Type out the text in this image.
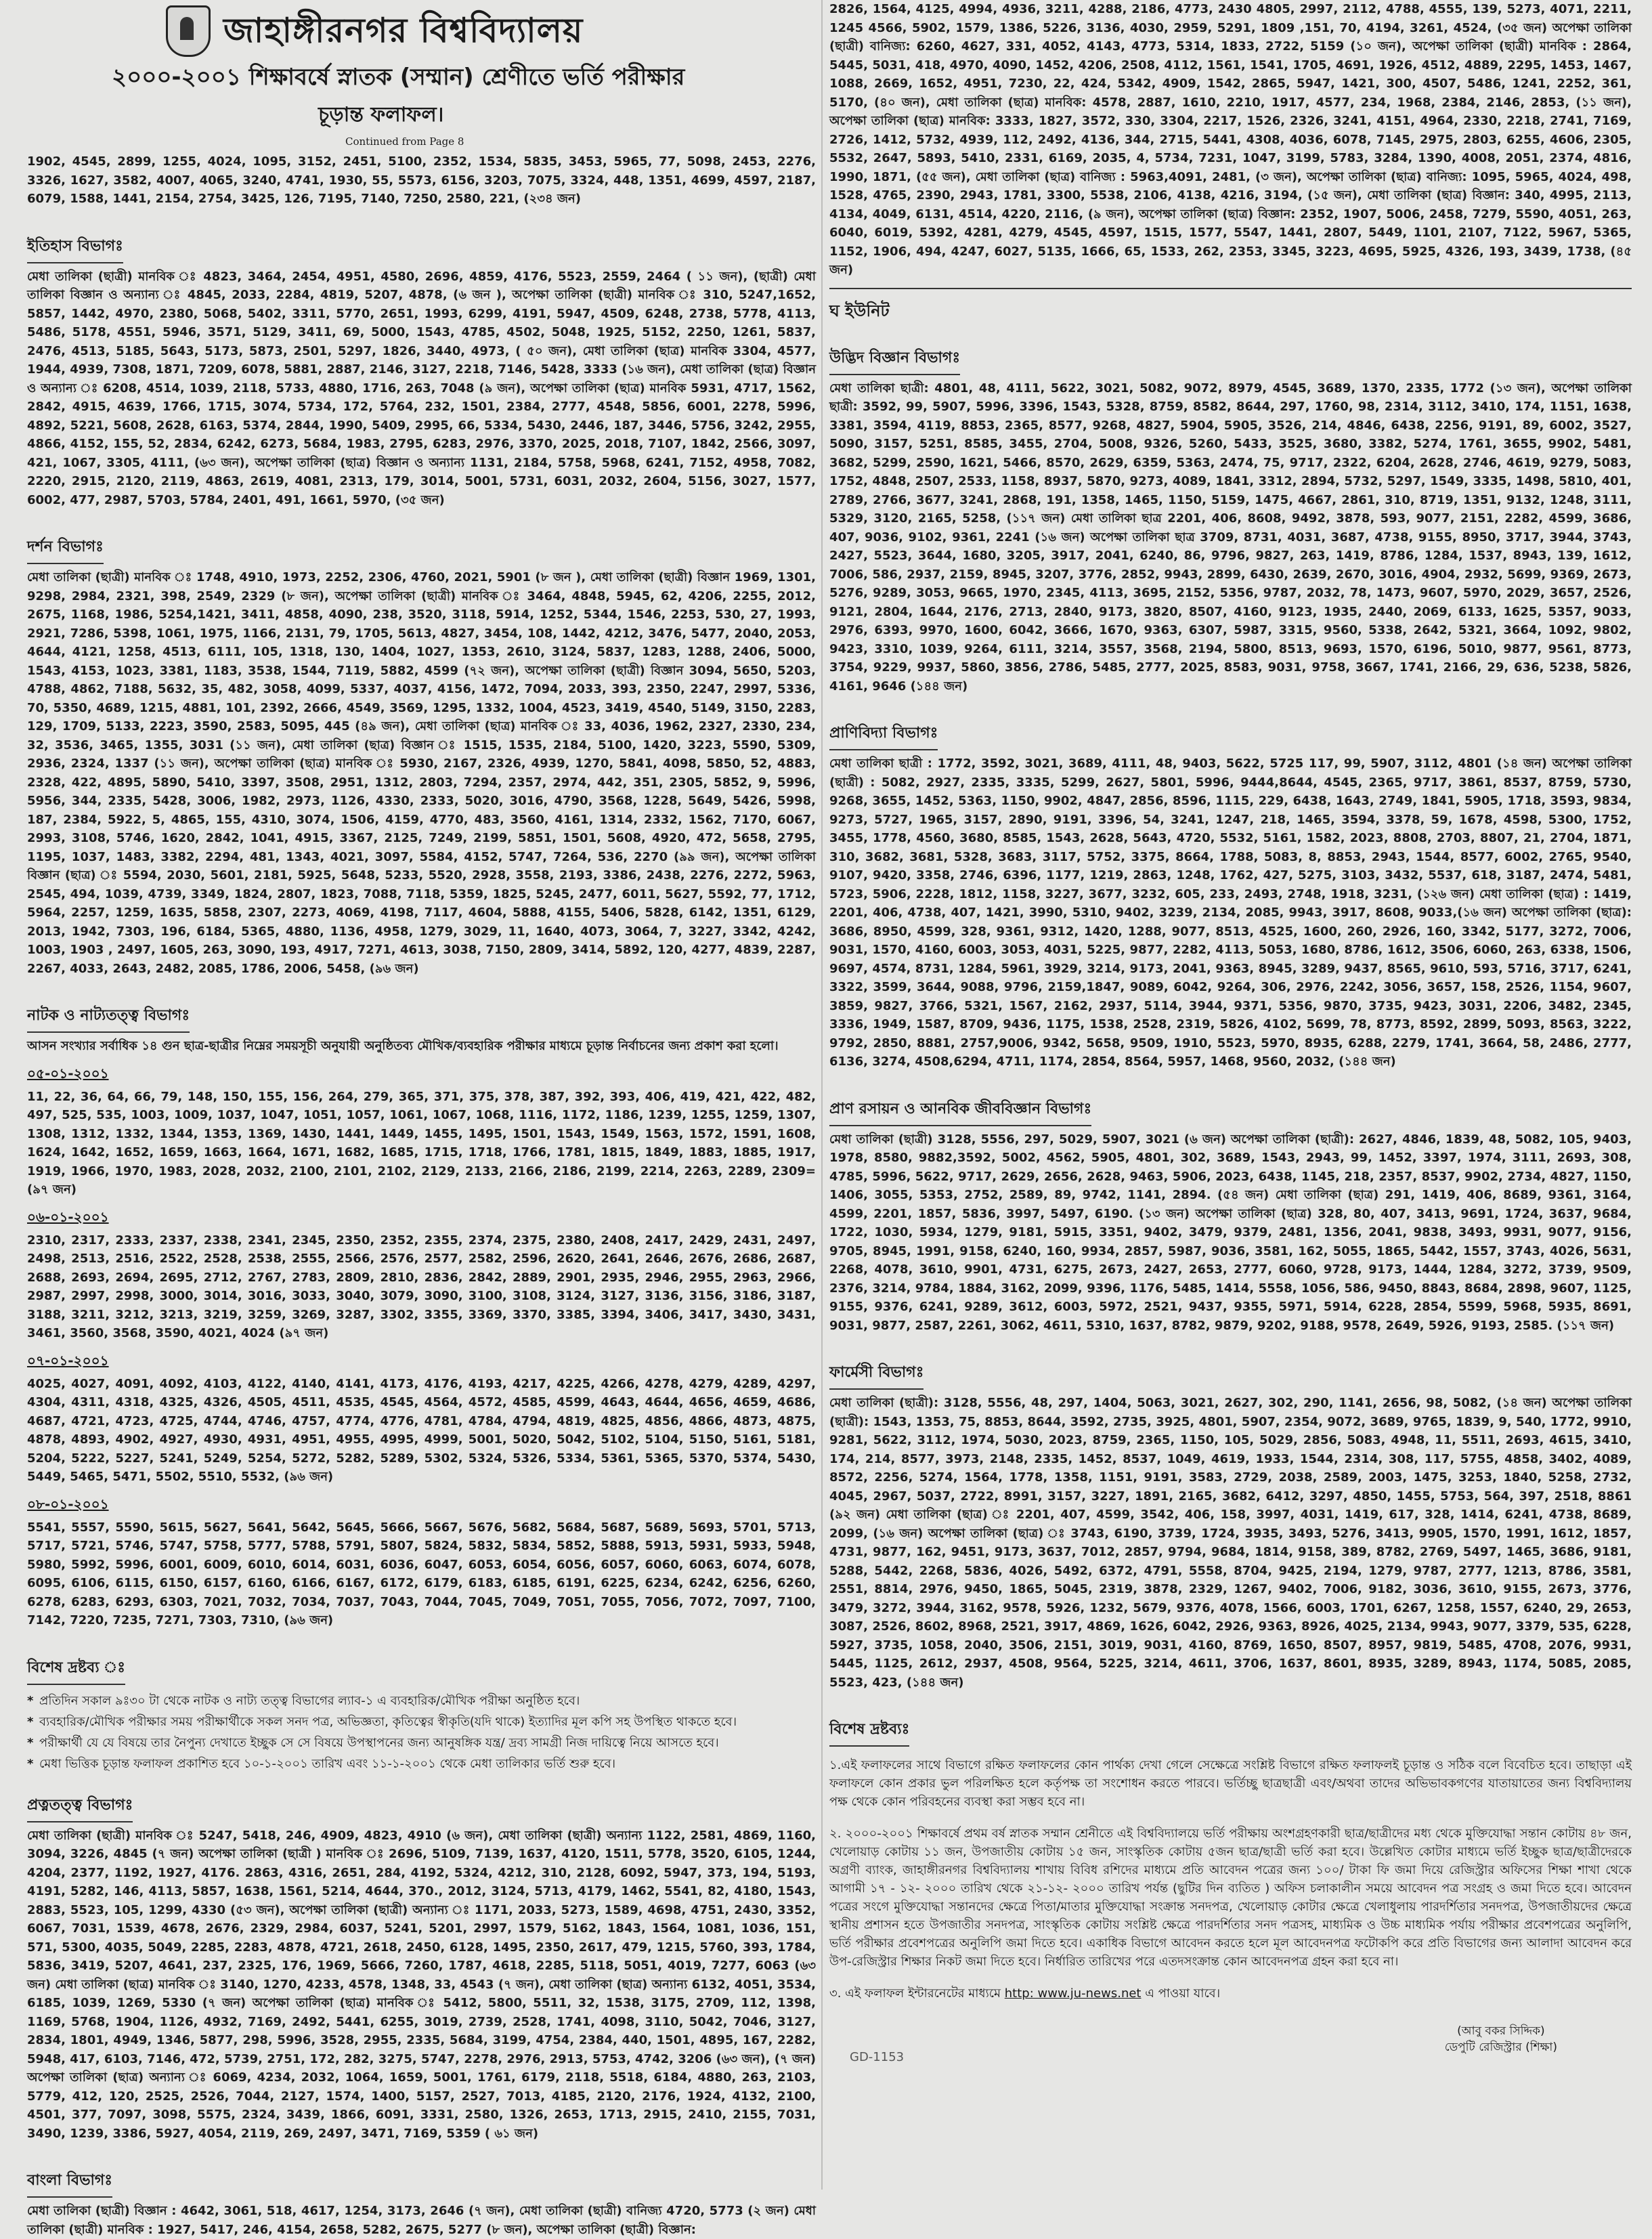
জাহাঙ্গীরনগর বিশ্ববিদ্যালয়
২০০০-২০০১ শিক্ষাবর্ষে স্নাতক (সম্মান) শ্রেণীতে ভর্তি পরীক্ষার
চূড়ান্ত ফলাফল।
Continued from Page 8

1902, 4545, 2899, 1255, 4024, 1095, 3152, 2451, 5100, 2352, 1534, 5835, 3453, 5965, 77, 5098, 2453, 2276, 3326, 1627, 3582, 4007, 4065, 3240, 4741, 1930, 55, 5573, 6156, 3203, 7075, 3324, 448, 1351, 4699, 4597, 2187, 6079, 1588, 1441, 2154, 2754, 3425, 126, 7195, 7140, 7250, 2580, 221, (২৩৪ জন)

ইতিহাস বিভাগঃ

মেধা তালিকা (ছাত্রী) মানবিক ঃ 4823, 3464, 2454, 4951, 4580, 2696, 4859, 4176, 5523, 2559, 2464 ( ১১ জন), (ছাত্রী) মেধা তালিকা বিজ্ঞান ও অন্যান্য ঃ 4845, 2033, 2284, 4819, 5207, 4878, (৬ জন ), অপেক্ষা তালিকা (ছাত্রী) মানবিক ঃ 310, 5247,1652, 5857, 1442, 4970, 2380, 5068, 5402, 3311, 5770, 2651, 1993, 6299, 4191, 5947, 4509, 6248, 2738, 5778, 4113, 5486, 5178, 4551, 5946, 3571, 5129, 3411, 69, 5000, 1543, 4785, 4502, 5048, 1925, 5152, 2250, 1261, 5837, 2476, 4513, 5185, 5643, 5173, 5873, 2501, 5297, 1826, 3440, 4973, ( ৫০ জন), মেধা তালিকা (ছাত্র) মানবিক 3304, 4577, 1944, 4939, 7308, 1871, 7209, 6078, 5881, 2887, 2146, 3127, 2218, 7146, 5428, 3333 (১৬ জন), মেধা তালিকা (ছাত্র) বিজ্ঞান ও অন্যান্য ঃ 6208, 4514, 1039, 2118, 5733, 4880, 1716, 263, 7048 (৯ জন), অপেক্ষা তালিকা (ছাত্র) মানবিক 5931, 4717, 1562, 2842, 4915, 4639, 1766, 1715, 3074, 5734, 172, 5764, 232, 1501, 2384, 2777, 4548, 5856, 6001, 2278, 5996, 4892, 5221, 5608, 2628, 6163, 5374, 2844, 1990, 5409, 2995, 66, 5334, 5430, 2446, 187, 3446, 5756, 3242, 2955, 4866, 4152, 155, 52, 2834, 6242, 6273, 5684, 1983, 2795, 6283, 2976, 3370, 2025, 2018, 7107, 1842, 2566, 3097, 421, 1067, 3305, 4111, (৬৩ জন), অপেক্ষা তালিকা (ছাত্র) বিজ্ঞান ও অন্যান্য 1131, 2184, 5758, 5968, 6241, 7152, 4958, 7082, 2220, 2915, 2120, 2119, 4863, 2619, 4081, 2313, 179, 3014, 5001, 5731, 6031, 2032, 2604, 5156, 3027, 1577, 6002, 477, 2987, 5703, 5784, 2401, 491, 1661, 5970, (৩৫ জন)

দর্শন বিভাগঃ

মেধা তালিকা (ছাত্রী) মানবিক ঃ 1748, 4910, 1973, 2252, 2306, 4760, 2021, 5901 (৮ জন ), মেধা তালিকা (ছাত্রী) বিজ্ঞান 1969, 1301, 9298, 2984, 2321, 398, 2549, 2329 (৮ জন), অপেক্ষা তালিকা (ছাত্রী) মানবিক ঃ 3464, 4848, 5945, 62, 4206, 2255, 2012, 2675, 1168, 1986, 5254,1421, 3411, 4858, 4090, 238, 3520, 3118, 5914, 1252, 5344, 1546, 2253, 530, 27, 1993, 2921, 7286, 5398, 1061, 1975, 1166, 2131, 79, 1705, 5613, 4827, 3454, 108, 1442, 4212, 3476, 5477, 2040, 2053, 4644, 4121, 1258, 4513, 6111, 105, 1318, 130, 1404, 1027, 1353, 2610, 3124, 5837, 1283, 1288, 2406, 5000, 1543, 4153, 1023, 3381, 1183, 3538, 1544, 7119, 5882, 4599 (৭২ জন), অপেক্ষা তালিকা (ছাত্রী) বিজ্ঞান 3094, 5650, 5203, 4788, 4862, 7188, 5632, 35, 482, 3058, 4099, 5337, 4037, 4156, 1472, 7094, 2033, 393, 2350, 2247, 2997, 5336, 70, 5350, 4689, 1215, 4881, 101, 2392, 2666, 4549, 3569, 1295, 1332, 1004, 4523, 3419, 4540, 5149, 3150, 2283, 129, 1709, 5133, 2223, 3590, 2583, 5095, 445 (৪৯ জন), মেধা তালিকা (ছাত্র) মানবিক ঃ 33, 4036, 1962, 2327, 2330, 234, 32, 3536, 3465, 1355, 3031 (১১ জন), মেধা তালিকা (ছাত্র) বিজ্ঞান ঃ 1515, 1535, 2184, 5100, 1420, 3223, 5590, 5309, 2936, 2324, 1337 (১১ জন), অপেক্ষা তালিকা (ছাত্র) মানবিক ঃ 5930, 2167, 2326, 4939, 1270, 5841, 4098, 5850, 52, 4883, 2328, 422, 4895, 5890, 5410, 3397, 3508, 2951, 1312, 2803, 7294, 2357, 2974, 442, 351, 2305, 5852, 9, 5996, 5956, 344, 2335, 5428, 3006, 1982, 2973, 1126, 4330, 2333, 5020, 3016, 4790, 3568, 1228, 5649, 5426, 5998, 187, 2384, 5922, 5, 4865, 155, 4310, 3074, 1506, 4159, 4770, 483, 3560, 4161, 1314, 2332, 1562, 7170, 6067, 2993, 3108, 5746, 1620, 2842, 1041, 4915, 3367, 2125, 7249, 2199, 5851, 1501, 5608, 4920, 472, 5658, 2795, 1195, 1037, 1483, 3382, 2294, 481, 1343, 4021, 3097, 5584, 4152, 5747, 7264, 536, 2270 (৯৯ জন), অপেক্ষা তালিকা বিজ্ঞান (ছাত্র) ঃ 5594, 2030, 5601, 2181, 5925, 5648, 5233, 5520, 2928, 3558, 2193, 3386, 2438, 2276, 2272, 5963, 2545, 494, 1039, 4739, 3349, 1824, 2807, 1823, 7088, 7118, 5359, 1825, 5245, 2477, 6011, 5627, 5592, 77, 1712, 5964, 2257, 1259, 1635, 5858, 2307, 2273, 4069, 4198, 7117, 4604, 5888, 4155, 5406, 5828, 6142, 1351, 6129, 2013, 1942, 7303, 196, 6184, 5365, 4880, 1136, 4958, 1279, 3029, 11, 1640, 4073, 3064, 7, 3227, 3342, 4242, 1003, 1903 , 2497, 1605, 263, 3090, 193, 4917, 7271, 4613, 3038, 7150, 2809, 3414, 5892, 120, 4277, 4839, 2287, 2267, 4033, 2643, 2482, 2085, 1786, 2006, 5458, (৯৬ জন)

নাটক ও নাট্যতত্ত্ব বিভাগঃ

আসন সংখ্যার সর্বাধিক ১৪ গুন ছাত্র-ছাত্রীর নিম্নের সময়সূচী অনুযায়ী অনুষ্ঠিতব্য মৌখিক/ব্যবহারিক পরীক্ষার মাধ্যমে চূড়ান্ত নির্বাচনের জন্য প্রকাশ করা হলো।

০৫-০১-২০০১

11, 22, 36, 64, 66, 79, 148, 150, 155, 156, 264, 279, 365, 371, 375, 378, 387, 392, 393, 406, 419, 421, 422, 482, 497, 525, 535, 1003, 1009, 1037, 1047, 1051, 1057, 1061, 1067, 1068, 1116, 1172, 1186, 1239, 1255, 1259, 1307, 1308, 1312, 1332, 1344, 1353, 1369, 1430, 1441, 1449, 1455, 1495, 1501, 1543, 1549, 1563, 1572, 1591, 1608, 1624, 1642, 1652, 1659, 1663, 1664, 1671, 1682, 1685, 1715, 1718, 1766, 1781, 1815, 1849, 1883, 1885, 1917, 1919, 1966, 1970, 1983, 2028, 2032, 2100, 2101, 2102, 2129, 2133, 2166, 2186, 2199, 2214, 2263, 2289, 2309= (৯৭ জন)

০৬-০১-২০০১

2310, 2317, 2333, 2337, 2338, 2341, 2345, 2350, 2352, 2355, 2374, 2375, 2380, 2408, 2417, 2429, 2431, 2497, 2498, 2513, 2516, 2522, 2528, 2538, 2555, 2566, 2576, 2577, 2582, 2596, 2620, 2641, 2646, 2676, 2686, 2687, 2688, 2693, 2694, 2695, 2712, 2767, 2783, 2809, 2810, 2836, 2842, 2889, 2901, 2935, 2946, 2955, 2963, 2966, 2987, 2997, 2998, 3000, 3014, 3016, 3033, 3040, 3079, 3090, 3100, 3108, 3124, 3127, 3136, 3156, 3186, 3187, 3188, 3211, 3212, 3213, 3219, 3259, 3269, 3287, 3302, 3355, 3369, 3370, 3385, 3394, 3406, 3417, 3430, 3431, 3461, 3560, 3568, 3590, 4021, 4024 (৯৭ জন)

০৭-০১-২০০১

4025, 4027, 4091, 4092, 4103, 4122, 4140, 4141, 4173, 4176, 4193, 4217, 4225, 4266, 4278, 4279, 4289, 4297, 4304, 4311, 4318, 4325, 4326, 4505, 4511, 4535, 4545, 4564, 4572, 4585, 4599, 4643, 4644, 4656, 4659, 4686, 4687, 4721, 4723, 4725, 4744, 4746, 4757, 4774, 4776, 4781, 4784, 4794, 4819, 4825, 4856, 4866, 4873, 4875, 4878, 4893, 4902, 4927, 4930, 4931, 4951, 4955, 4995, 4999, 5001, 5020, 5042, 5102, 5104, 5150, 5161, 5181, 5204, 5222, 5227, 5241, 5249, 5254, 5272, 5282, 5289, 5302, 5324, 5326, 5334, 5361, 5365, 5370, 5374, 5430, 5449, 5465, 5471, 5502, 5510, 5532, (৯৬ জন)

০৮-০১-২০০১

5541, 5557, 5590, 5615, 5627, 5641, 5642, 5645, 5666, 5667, 5676, 5682, 5684, 5687, 5689, 5693, 5701, 5713, 5717, 5721, 5746, 5747, 5758, 5777, 5788, 5791, 5807, 5824, 5832, 5834, 5852, 5888, 5913, 5931, 5933, 5948, 5980, 5992, 5996, 6001, 6009, 6010, 6014, 6031, 6036, 6047, 6053, 6054, 6056, 6057, 6060, 6063, 6074, 6078, 6095, 6106, 6115, 6150, 6157, 6160, 6166, 6167, 6172, 6179, 6183, 6185, 6191, 6225, 6234, 6242, 6256, 6260, 6278, 6283, 6293, 6303, 7021, 7032, 7034, 7037, 7043, 7044, 7045, 7049, 7051, 7055, 7056, 7072, 7097, 7100, 7142, 7220, 7235, 7271, 7303, 7310, (৯৬ জন)

বিশেষ দ্রষ্টব্য ঃ
* প্রতিদিন সকাল ৯ঃ৩০ টা থেকে নাটক ও নাট্য তত্ত্ব বিভাগের ল্যাব-১ এ ব্যবহারিক/মৌখিক পরীক্ষা অনুষ্ঠিত হবে।
* ব্যবহারিক/মৌখিক পরীক্ষার সময় পরীক্ষার্থীকে সকল সনদ পত্র, অভিজ্ঞতা, কৃতিত্বের স্বীকৃতি(যদি থাকে) ইত্যাদির মূল কপি সহ উপস্থিত থাকতে হবে।
* পরীক্ষার্থী যে যে বিষয়ে তার নৈপুন্য দেখাতে ইচ্ছুক সে সে বিষয়ে উপস্থাপনের জন্য আনুষঙ্গিক যন্ত্র/ দ্রব্য সামগ্রী নিজ দায়িত্বে নিয়ে আসতে হবে।
* মেধা ভিত্তিক চূড়ান্ত ফলাফল প্রকাশিত হবে ১০-১-২০০১ তারিখ এবং ১১-১-২০০১ থেকে মেধা তালিকার ভর্তি শুরু হবে।
প্রত্নতত্ত্ব বিভাগঃ

মেধা তালিকা (ছাত্রী) মানবিক ঃ 5247, 5418, 246, 4909, 4823, 4910 (৬ জন), মেধা তালিকা (ছাত্রী) অন্যান্য 1122, 2581, 4869, 1160, 3094, 3226, 4845 (৭ জন) অপেক্ষা তালিকা (ছাত্রী ) মানবিক ঃ 2696, 5109, 7139, 1637, 4120, 1511, 5778, 3520, 6105, 1244, 4204, 2377, 1192, 1927, 4176. 2863, 4316, 2651, 284, 4192, 5324, 4212, 310, 2128, 6092, 5947, 373, 194, 5193, 4191, 5282, 146, 4113, 5857, 1638, 1561, 5214, 4644, 370., 2012, 3124, 5713, 4179, 1462, 5541, 82, 4180, 1543, 2883, 5523, 105, 1299, 4330 (৫৩ জন), অপেক্ষা তালিকা (ছাত্রী) অন্যান্য ঃ 1171, 2033, 5273, 1589, 4698, 4751, 2430, 3352, 6067, 7031, 1539, 4678, 2676, 2329, 2984, 6037, 5241, 5201, 2997, 1579, 5162, 1843, 1564, 1081, 1036, 151, 571, 5300, 4035, 5049, 2285, 2283, 4878, 4721, 2618, 2450, 6128, 1495, 2350, 2617, 479, 1215, 5760, 393, 1784, 5836, 3419, 5207, 4641, 237, 2325, 176, 1969, 5666, 7260, 1787, 4618, 2285, 5118, 5051, 4019, 7277, 6063 (৬৩ জন) মেধা তালিকা (ছাত্র) মানবিক ঃ 3140, 1270, 4233, 4578, 1348, 33, 4543 (৭ জন), মেধা তালিকা (ছাত্র) অন্যান্য 6132, 4051, 3534, 6185, 1039, 1269, 5330 (৭ জন) অপেক্ষা তালিকা (ছাত্র) মানবিক ঃ 5412, 5800, 5511, 32, 1538, 3175, 2709, 112, 1398, 1169, 5768, 1904, 1126, 4932, 7169, 2492, 5441, 6255, 3019, 2739, 2528, 1741, 4098, 3110, 5042, 7046, 3127, 2834, 1801, 4949, 1346, 5877, 298, 5996, 3528, 2955, 2335, 5684, 3199, 4754, 2384, 440, 1501, 4895, 167, 2282, 5948, 417, 6103, 7146, 472, 5739, 2751, 172, 282, 3275, 5747, 2278, 2976, 2913, 5753, 4742, 3206 (৬৩ জন), (৭ জন) অপেক্ষা তালিকা (ছাত্র) অন্যান্য ঃ 6069, 4234, 2032, 1064, 1659, 5001, 1761, 6179, 2118, 5518, 6184, 4880, 263, 2103, 5779, 412, 120, 2525, 2526, 7044, 2127, 1574, 1400, 5157, 2527, 7013, 4185, 2120, 2176, 1924, 4132, 2100, 4501, 377, 7097, 3098, 5575, 2324, 3439, 1866, 6091, 3331, 2580, 1326, 2653, 1713, 2915, 2410, 2155, 7031, 3490, 1239, 3386, 5927, 4054, 2119, 269, 2497, 3471, 7169, 5359 ( ৬১ জন)

বাংলা বিভাগঃ

মেধা তালিকা (ছাত্রী) বিজ্ঞান : 4642, 3061, 518, 4617, 1254, 3173, 2646 (৭ জন), মেধা তালিকা (ছাত্রী) বানিজ্য 4720, 5773 (২ জন) মেধা তালিকা (ছাত্রী) মানবিক : 1927, 5417, 246, 4154, 2658, 5282, 2675, 5277 (৮ জন), অপেক্ষা তালিকা (ছাত্রী) বিজ্ঞান:

2826, 1564, 4125, 4994, 4936, 3211, 4288, 2186, 4773, 2430 4805, 2997, 2112, 4788, 4555, 139, 5273, 4071, 2211, 1245 4566, 5902, 1579, 1386, 5226, 3136, 4030, 2959, 5291, 1809 ,151, 70, 4194, 3261, 4524, (৩৫ জন) অপেক্ষা তালিকা (ছাত্রী) বানিজ্য: 6260, 4627, 331, 4052, 4143, 4773, 5314, 1833, 2722, 5159 (১০ জন), অপেক্ষা তালিকা (ছাত্রী) মানবিক : 2864, 5445, 5031, 418, 4970, 4090, 1452, 4206, 2508, 4112, 1561, 1541, 1705, 4691, 1926, 4512, 4889, 2295, 1453, 1467, 1088, 2669, 1652, 4951, 7230, 22, 424, 5342, 4909, 1542, 2865, 5947, 1421, 300, 4507, 5486, 1241, 2252, 361, 5170, (৪০ জন), মেধা তালিকা (ছাত্র) মানবিক: 4578, 2887, 1610, 2210, 1917, 4577, 234, 1968, 2384, 2146, 2853, (১১ জন), অপেক্ষা তালিকা (ছাত্র) মানবিক: 3333, 1827, 3572, 330, 3304, 2217, 1526, 2326, 3241, 4151, 4964, 2330, 2218, 2741, 7169, 2726, 1412, 5732, 4939, 112, 2492, 4136, 344, 2715, 5441, 4308, 4036, 6078, 7145, 2975, 2803, 6255, 4606, 2305, 5532, 2647, 5893, 5410, 2331, 6169, 2035, 4, 5734, 7231, 1047, 3199, 5783, 3284, 1390, 4008, 2051, 2374, 4816, 1990, 1871, (৫৫ জন), মেধা তালিকা (ছাত্র) বানিজ্য : 5963,4091, 2481, (৩ জন), অপেক্ষা তালিকা (ছাত্র) বানিজ্য: 1095, 5965, 4024, 498, 1528, 4765, 2390, 2943, 1781, 3300, 5538, 2106, 4138, 4216, 3194, (১৫ জন), মেধা তালিকা (ছাত্র) বিজ্ঞান: 340, 4995, 2113, 4134, 4049, 6131, 4514, 4220, 2116, (৯ জন), অপেক্ষা তালিকা (ছাত্র) বিজ্ঞান: 2352, 1907, 5006, 2458, 7279, 5590, 4051, 263, 6040, 6019, 5392, 4281, 4279, 4545, 4597, 1515, 1577, 5547, 1441, 2807, 5449, 1101, 2107, 7122, 5967, 5365, 1152, 1906, 494, 4247, 6027, 5135, 1666, 65, 1533, 262, 2353, 3345, 3223, 4695, 5925, 4326, 193, 3439, 1738, (৪৫ জন)

ঘ ইউনিট
উদ্ভিদ বিজ্ঞান বিভাগঃ

মেধা তালিকা ছাত্রী: 4801, 48, 4111, 5622, 3021, 5082, 9072, 8979, 4545, 3689, 1370, 2335, 1772 (১৩ জন), অপেক্ষা তালিকা ছাত্রী: 3592, 99, 5907, 5996, 3396, 1543, 5328, 8759, 8582, 8644, 297, 1760, 98, 2314, 3112, 3410, 174, 1151, 1638, 3381, 3594, 4119, 8853, 2365, 8577, 9268, 4827, 5904, 5905, 3526, 214, 4846, 6438, 2256, 9191, 89, 6002, 3527, 5090, 3157, 5251, 8585, 3455, 2704, 5008, 9326, 5260, 5433, 3525, 3680, 3382, 5274, 1761, 3655, 9902, 5481, 3682, 5299, 2590, 1621, 5466, 8570, 2629, 6359, 5363, 2474, 75, 9717, 2322, 6204, 2628, 2746, 4619, 9279, 5083, 1752, 4848, 2507, 2533, 1158, 8937, 5870, 9273, 4089, 1841, 3312, 2894, 5732, 5297, 1549, 3335, 1498, 5810, 401, 2789, 2766, 3677, 3241, 2868, 191, 1358, 1465, 1150, 5159, 1475, 4667, 2861, 310, 8719, 1351, 9132, 1248, 3111, 5329, 3120, 2165, 5258, (১১৭ জন) মেধা তালিকা ছাত্র 2201, 406, 8608, 9492, 3878, 593, 9077, 2151, 2282, 4599, 3686, 407, 9036, 9102, 9361, 2241 (১৬ জন) অপেক্ষা তালিকা ছাত্র 3709, 8731, 4031, 3687, 4738, 9155, 8950, 3717, 3944, 3743, 2427, 5523, 3644, 1680, 3205, 3917, 2041, 6240, 86, 9796, 9827, 263, 1419, 8786, 1284, 1537, 8943, 139, 1612, 7006, 586, 2937, 2159, 8945, 3207, 3776, 2852, 9943, 2899, 6430, 2639, 2670, 3016, 4904, 2932, 5699, 9369, 2673, 5276, 9289, 3053, 9665, 1970, 2345, 4113, 3695, 2152, 5356, 9787, 2032, 78, 1473, 9607, 5970, 2029, 3657, 2526, 9121, 2804, 1644, 2176, 2713, 2840, 9173, 3820, 8507, 4160, 9123, 1935, 2440, 2069, 6133, 1625, 5357, 9033, 2976, 6393, 9970, 1600, 6042, 3666, 1670, 9363, 6307, 5987, 3315, 9560, 5338, 2642, 5321, 3664, 1092, 9802, 9423, 3310, 1039, 9264, 6111, 3214, 3557, 3568, 2194, 5800, 8513, 9693, 1570, 6196, 5010, 9877, 9561, 8773, 3754, 9229, 9937, 5860, 3856, 2786, 5485, 2777, 2025, 8583, 9031, 9758, 3667, 1741, 2166, 29, 636, 5238, 5826, 4161, 9646 (১৪৪ জন)

প্রাণিবিদ্যা বিভাগঃ

মেধা তালিকা ছাত্রী : 1772, 3592, 3021, 3689, 4111, 48, 9403, 5622, 5725 117, 99, 5907, 3112, 4801 (১৪ জন) অপেক্ষা তালিকা (ছাত্রী) : 5082, 2927, 2335, 3335, 5299, 2627, 5801, 5996, 9444,8644, 4545, 2365, 9717, 3861, 8537, 8759, 5730, 9268, 3655, 1452, 5363, 1150, 9902, 4847, 2856, 8596, 1115, 229, 6438, 1643, 2749, 1841, 5905, 1718, 3593, 9834, 9273, 5727, 1965, 3157, 2890, 9191, 3396, 54, 3241, 1247, 218, 1465, 3594, 3378, 59, 1678, 4598, 5300, 1752, 3455, 1778, 4560, 3680, 8585, 1543, 2628, 5643, 4720, 5532, 5161, 1582, 2023, 8808, 2703, 8807, 21, 2704, 1871, 310, 3682, 3681, 5328, 3683, 3117, 5752, 3375, 8664, 1788, 5083, 8, 8853, 2943, 1544, 8577, 6002, 2765, 9540, 9107, 9420, 3358, 2746, 6396, 1177, 1219, 2863, 1248, 1762, 427, 5275, 3103, 3432, 5537, 618, 3187, 2474, 5481, 5723, 5906, 2228, 1812, 1158, 3227, 3677, 3232, 605, 233, 2493, 2748, 1918, 3231, (১২৬ জন) মেধা তালিকা (ছাত্র) : 1419, 2201, 406, 4738, 407, 1421, 3990, 5310, 9402, 3239, 2134, 2085, 9943, 3917, 8608, 9033,(১৬ জন) অপেক্ষা তালিকা (ছাত্র): 3686, 8950, 4599, 328, 9361, 9312, 1420, 1288, 9077, 8513, 4525, 1600, 260, 2926, 160, 3342, 5177, 3272, 7006, 9031, 1570, 4160, 6003, 3053, 4031, 5225, 9877, 2282, 4113, 5053, 1680, 8786, 1612, 3506, 6060, 263, 6338, 1506, 9697, 4574, 8731, 1284, 5961, 3929, 3214, 9173, 2041, 9363, 8945, 3289, 9437, 8565, 9610, 593, 5716, 3717, 6241, 3322, 3599, 3644, 9088, 9796, 2159,1847, 9089, 6042, 9264, 306, 2976, 2242, 3056, 3657, 158, 2526, 1154, 9607, 3859, 9827, 3766, 5321, 1567, 2162, 2937, 5114, 3944, 9371, 5356, 9870, 3735, 9423, 3031, 2206, 3482, 2345, 3336, 1949, 1587, 8709, 9436, 1175, 1538, 2528, 2319, 5826, 4102, 5699, 78, 8773, 8592, 2899, 5093, 8563, 3222, 9792, 2850, 8881, 2757,9006, 9342, 5658, 9509, 1910, 5523, 5970, 8935, 6288, 2279, 1741, 3664, 58, 2486, 2777, 6136, 3274, 4508,6294, 4711, 1174, 2854, 8564, 5957, 1468, 9560, 2032, (১৪৪ জন)

প্রাণ রসায়ন ও আনবিক জীববিজ্ঞান বিভাগঃ

মেধা তালিকা (ছাত্রী) 3128, 5556, 297, 5029, 5907, 3021 (৬ জন) অপেক্ষা তালিকা (ছাত্রী): 2627, 4846, 1839, 48, 5082, 105, 9403, 1978, 8580, 9882,3592, 5002, 4562, 5905, 4801, 302, 3689, 1543, 2943, 99, 1452, 3397, 1974, 3111, 2693, 308, 4785, 5996, 5622, 9717, 2629, 2656, 2628, 9463, 5906, 2023, 6438, 1145, 218, 2357, 8537, 9902, 2734, 4827, 1150, 1406, 3055, 5353, 2752, 2589, 89, 9742, 1141, 2894. (৫৪ জন) মেধা তালিকা (ছাত্র) 291, 1419, 406, 8689, 9361, 3164, 4599, 2201, 1857, 5836, 3997, 5497, 6190. (১৩ জন) অপেক্ষা তালিকা (ছাত্র) 328, 80, 407, 3413, 9691, 1724, 3637, 9684, 1722, 1030, 5934, 1279, 9181, 5915, 3351, 9402, 3479, 9379, 2481, 1356, 2041, 9838, 3493, 9931, 9077, 9156, 9705, 8945, 1991, 9158, 6240, 160, 9934, 2857, 5987, 9036, 3581, 162, 5055, 1865, 5442, 1557, 3743, 4026, 5631, 2268, 4078, 3610, 9901, 4731, 6275, 2673, 2427, 2653, 2777, 6060, 9728, 9173, 1444, 1284, 3272, 3739, 9509, 2376, 3214, 9784, 1884, 3162, 2099, 9396, 1176, 5485, 1414, 5558, 1056, 586, 9450, 8843, 8684, 2898, 9607, 1125, 9155, 9376, 6241, 9289, 3612, 6003, 5972, 2521, 9437, 9355, 5971, 5914, 6228, 2854, 5599, 5968, 5935, 8691, 9031, 9877, 2587, 2261, 3062, 4611, 5310, 1637, 8782, 9879, 9202, 9188, 9578, 2649, 5926, 9193, 2585. (১১৭ জন)

ফার্মেসী বিভাগঃ

মেধা তালিকা (ছাত্রী): 3128, 5556, 48, 297, 1404, 5063, 3021, 2627, 302, 290, 1141, 2656, 98, 5082, (১৪ জন) অপেক্ষা তালিকা (ছাত্রী): 1543, 1353, 75, 8853, 8644, 3592, 2735, 3925, 4801, 5907, 2354, 9072, 3689, 9765, 1839, 9, 540, 1772, 9910, 9281, 5622, 3112, 1974, 5030, 2023, 8759, 2365, 1150, 105, 5029, 2856, 5083, 4948, 11, 5511, 2693, 4615, 3410, 174, 214, 8577, 3973, 2148, 2335, 1452, 8537, 1049, 4619, 1933, 1544, 2314, 308, 117, 5755, 4858, 3402, 4089, 8572, 2256, 5274, 1564, 1778, 1358, 1151, 9191, 3583, 2729, 2038, 2589, 2003, 1475, 3253, 1840, 5258, 2732, 4045, 2967, 5037, 2722, 8991, 3157, 3227, 1891, 2165, 3682, 6412, 3297, 4850, 1455, 5753, 564, 397, 2518, 8861 (৯২ জন) মেধা তালিকা (ছাত্র) ঃ 2201, 407, 4599, 3542, 406, 158, 3997, 4031, 1419, 617, 328, 1414, 6241, 4738, 8689, 2099, (১৬ জন) অপেক্ষা তালিকা (ছাত্র) ঃ 3743, 6190, 3739, 1724, 3935, 3493, 5276, 3413, 9905, 1570, 1991, 1612, 1857, 4731, 9877, 162, 9451, 9173, 3637, 7012, 2857, 9794, 9684, 1814, 9158, 389, 8782, 2769, 5497, 1465, 3686, 9181, 5288, 5442, 2268, 5836, 4026, 5492, 6372, 4791, 5558, 8704, 9425, 2194, 1279, 9787, 2777, 1213, 8786, 3581, 2551, 8814, 2976, 9450, 1865, 5045, 2319, 3878, 2329, 1267, 9402, 7006, 9182, 3036, 3610, 9155, 2673, 3776, 3479, 3272, 3944, 3162, 9578, 5926, 1232, 5679, 9376, 4078, 1566, 6003, 1701, 6267, 1258, 1557, 6240, 29, 2653, 3087, 2526, 8602, 8968, 2521, 3917, 4869, 1626, 6042, 2926, 9363, 8926, 4025, 2134, 9943, 9077, 3379, 535, 6228, 5927, 3735, 1058, 2040, 3506, 2151, 3019, 9031, 4160, 8769, 1650, 8507, 8957, 9819, 5485, 4708, 2076, 9931, 5445, 1125, 2612, 2937, 4508, 9564, 5225, 3214, 4611, 3706, 1637, 8601, 8935, 3289, 8943, 1174, 5085, 2085, 5523, 423, (১৪৪ জন)

বিশেষ দ্রষ্টব্যঃ

১.এই ফলাফলের সাথে বিভাগে রক্ষিত ফলাফলের কোন পার্থক্য দেখা গেলে সেক্ষেত্রে সংশ্লিষ্ট বিভাগে রক্ষিত ফলাফলই চূড়ান্ত ও সঠিক বলে বিবেচিত হবে। তাছাড়া এই ফলাফলে কোন প্রকার ভুল পরিলক্ষিত হলে কর্তৃপক্ষ তা সংশোধন করতে পারবে। ভর্তিচ্ছু ছাত্রছাত্রী এবং/অথবা তাদের অভিভাবকগণের যাতায়াতের জন্য বিশ্ববিদ্যালয় পক্ষ থেকে কোন পরিবহনের ব্যবস্থা করা সম্ভব হবে না।

২. ২০০০-২০০১ শিক্ষাবর্ষে প্রথম বর্ষ স্নাতক সম্মান শ্রেনীতে এই বিশ্ববিদ্যালয়ে ভর্তি পরীক্ষায় অংশগ্রহণকারী ছাত্র/ছাত্রীদের মধ্য থেকে মুক্তিযোদ্ধা সন্তান কোটায় ৪৮ জন, খেলোয়াড় কোটায় ১১ জন, উপজাতীয় কোটায় ১৫ জন, সাংস্কৃতিক কোটায় ৫জন ছাত্র/ছাত্রী ভর্তি করা হবে। উল্লেখিত কোটার মাধ্যমে ভর্তি ইচ্ছুক ছাত্র/ছাত্রীদেরকে অগ্রণী ব্যাংক, জাহাঙ্গীরনগর বিশ্ববিদ্যালয় শাখায় বিবিধ রশিদের মাধ্যমে প্রতি আবেদন পত্রের জন্য ১০০/ টাকা ফি জমা দিয়ে রেজিস্ট্রার অফিসের শিক্ষা শাখা থেকে আগামী ১৭ - ১২- ২০০০ তারিখ থেকে ২১-১২- ২০০০ তারিখ পর্যন্ত (ছুটির দিন ব্যতিত ) অফিস চলাকালীন সময়ে আবেদন পত্র সংগ্রহ ও জমা দিতে হবে। আবেদন পত্রের সংগে মুক্তিযোদ্ধা সন্তানদের ক্ষেত্রে পিতা/মাতার মুক্তিযোদ্ধা সংক্রান্ত সনদপত্র, খেলোয়াড় কোটার ক্ষেত্রে খেলাধুলায় পারদর্শিতার সনদপত্র, উপজাতীয়দের ক্ষেত্রে স্থানীয় প্রশাসন হতে উপজাতীর সনদপত্র, সাংস্কৃতিক কোটায় সংশ্লিষ্ট ক্ষেত্রে পারদর্শিতার সনদ পত্রসহ, মাধ্যমিক ও উচ্চ মাধ্যমিক পর্যায় পরীক্ষার প্রবেশপত্রের অনুলিপি, ভর্তি পরীক্ষার প্রবেশপত্রের অনুলিপি জমা দিতে হবে। একাধিক বিভাগে আবেদন করতে হলে মূল আবেদনপত্র ফটোকপি করে প্রতি বিভাগের জন্য আলাদা আবেদন করে উপ-রেজিস্ট্রার শিক্ষার নিকট জমা দিতে হবে। নির্ধারিত তারিখের পরে এতদসংক্রান্ত কোন আবেদনপত্র গ্রহন করা হবে না।

৩. এই ফলাফল ইন্টারনেটের মাধ্যমে http: www.ju-news.net এ পাওয়া যাবে।

GD-1153
(আবু বকর সিদ্দিক)
ডেপুটি রেজিস্ট্রার (শিক্ষা)
